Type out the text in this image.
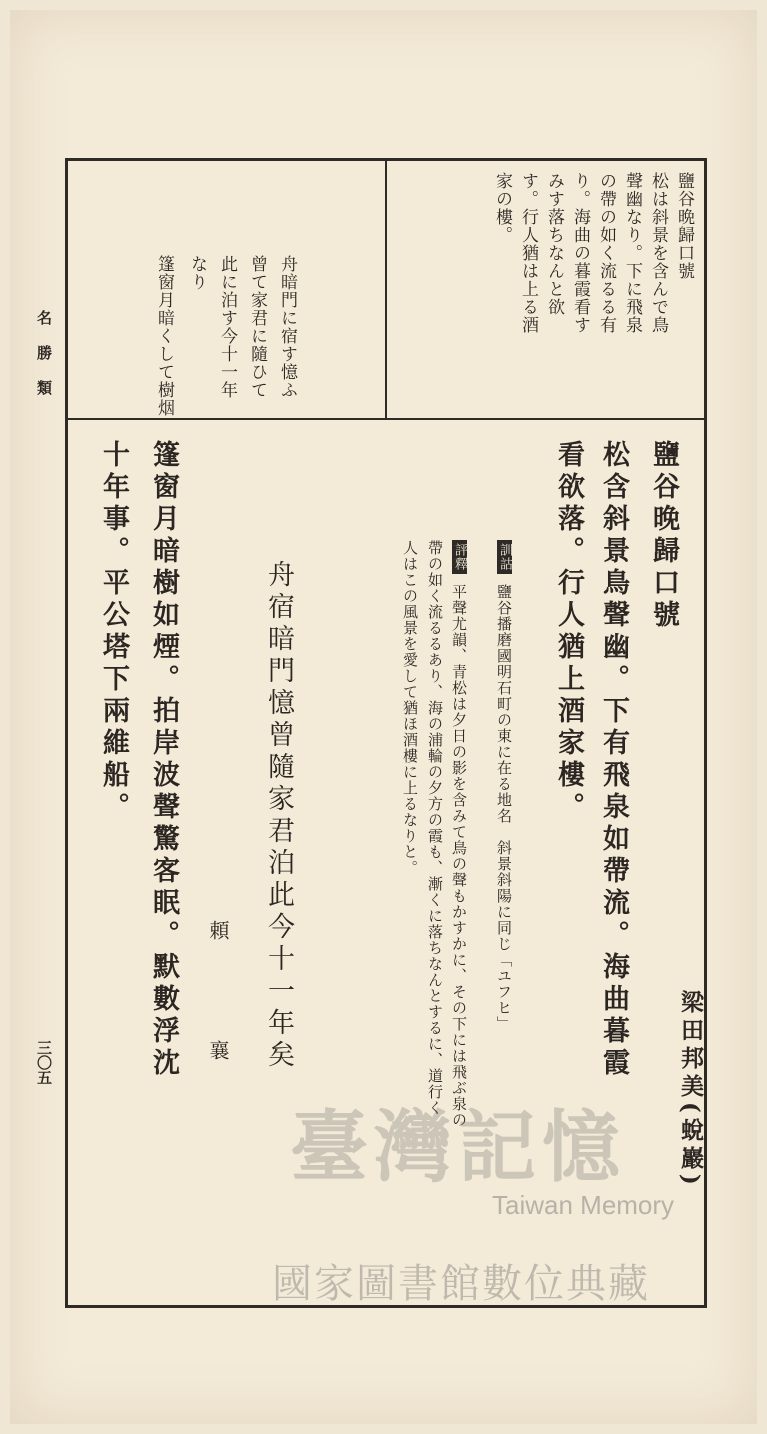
鹽谷晩歸口號
松は斜景を含んで鳥
聲幽なり。下に飛泉
の帶の如く流るる有
り。海曲の暮霞看す
みす落ちなんと欲
す。行人猶は上る酒
家の樓。
舟暗門に宿す憶ふ
曾て家君に隨ひて
此に泊す今十一年
なり
篷窗月暗くして樹烟
鹽谷晚歸口號
梁田邦美(蛻巖)
松含斜景鳥聲幽。下有飛泉如帶流。海曲暮霞
看欲落。行人猶上酒家樓。
訓詁 鹽谷播磨國明石町の東に在る地名　斜景斜陽に同じ「ユフヒ」
評釋 平聲尤韻、青松は夕日の影を含みて鳥の聲もかすかに、その下には飛ぶ泉の
帶の如く流るるあり、海の浦輪の夕方の霞も、漸くに落ちなんとするに、道行く
人はこの風景を愛して猶ほ酒樓に上るなりと。
舟宿暗門憶曾隨家君泊此今十一年矣
頼　襄
篷窗月暗樹如煙。拍岸波聲驚客眠。默數浮沈
十年事。平公塔下兩維船。
名勝類
三〇五
臺灣記憶
Taiwan Memory
國家圖書館數位典藏
